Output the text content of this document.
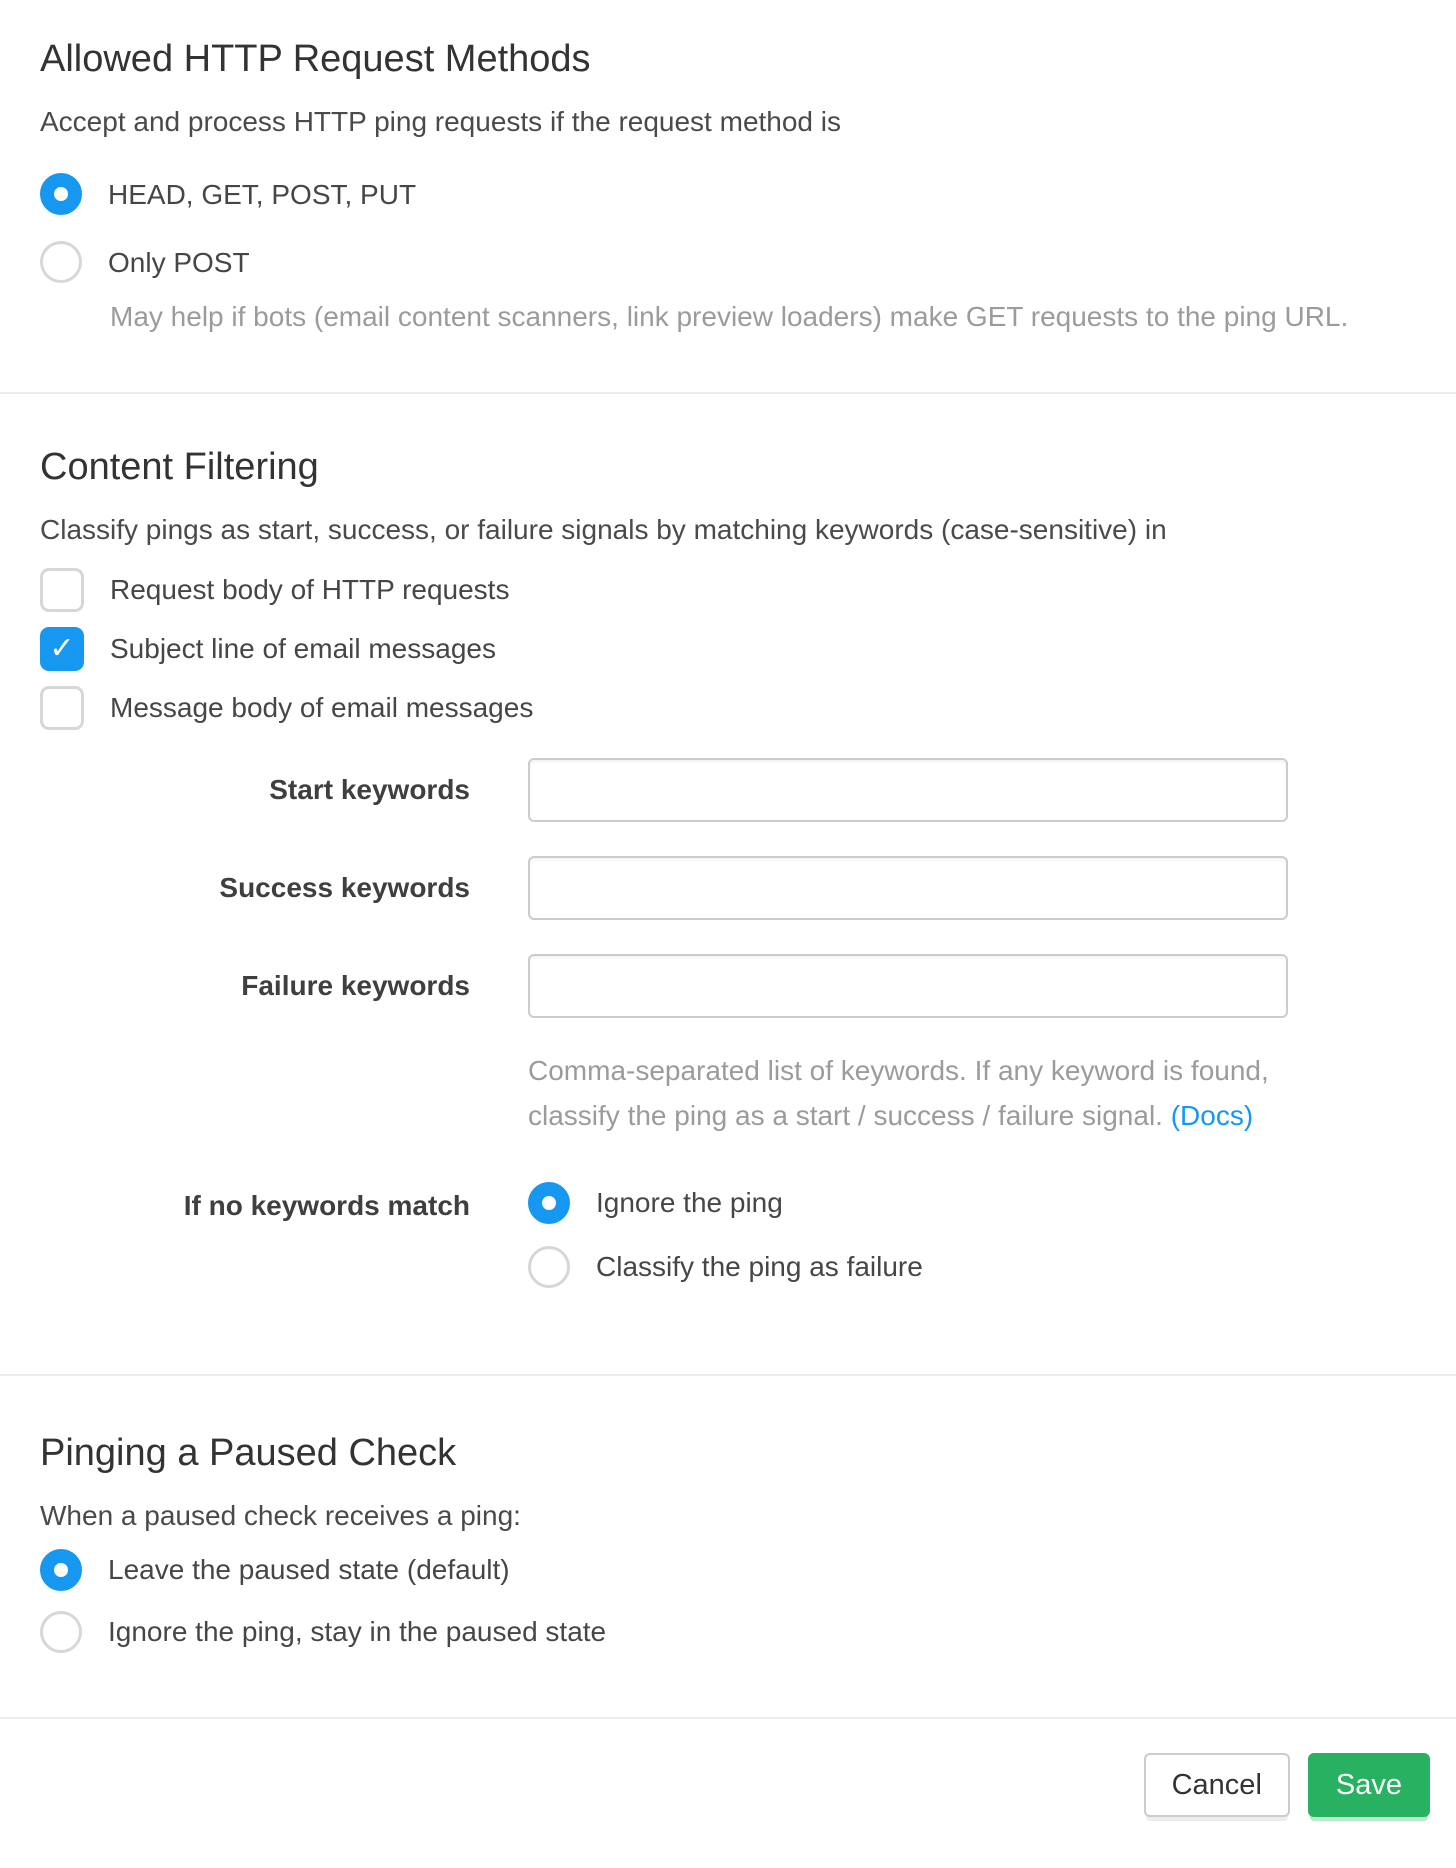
Allowed HTTP Request Methods

Accept and process HTTP ping requests if the request method is

HEAD, GET, POST, PUT
Only POST
May help if bots (email content scanners, link preview loaders) make GET requests to the ping URL.
Content Filtering

Classify pings as start, success, or failure signals by matching keywords (case-sensitive) in

Request body of HTTP requests
✓ Subject line of email messages
Message body of email messages
Start keywords
Success keywords
Failure keywords
Comma-separated list of keywords. If any keyword is found, classify the ping as a start / success / failure signal. (Docs)
If no keywords match	Ignore the ping
Classify the ping as failure
Pinging a Paused Check

When a paused check receives a ping:

Leave the paused state (default)
Ignore the ping, stay in the paused state
Cancel	Save
